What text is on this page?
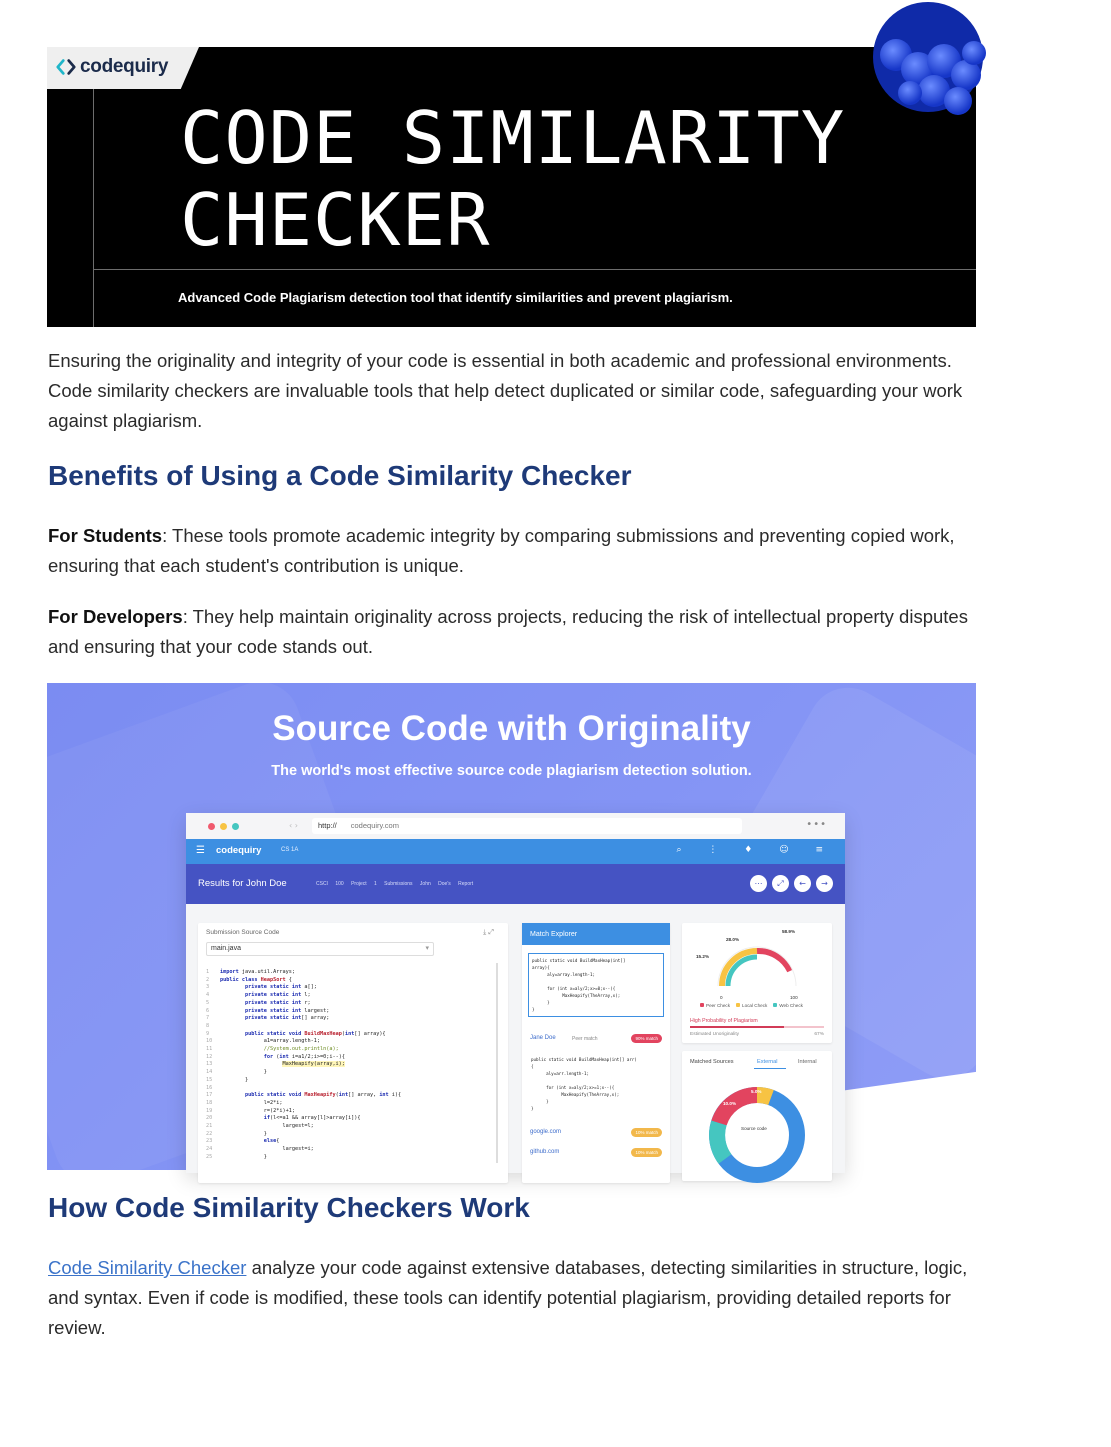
codequiry
CODE SIMILARITY
CHECKER
Advanced Code Plagiarism detection tool that identify similarities and prevent plagiarism.

Ensuring the originality and integrity of your code is essential in both academic and professional environments. Code similarity checkers are invaluable tools that help detect duplicated or similar code, safeguarding your work against plagiarism.

Benefits of Using a Code Similarity Checker

For Students: These tools promote academic integrity by comparing submissions and preventing copied work, ensuring that each student's contribution is unique.

For Developers: They help maintain originality across projects, reducing the risk of intellectual property disputes and ensuring that your code stands out.

Source Code with Originality
The world's most effective source code plagiarism detection solution.
‹ ›	http:// codequiry.com	•••
☰ codequiry	CS 1A	⌕ ⋮ ♦ ☺ ≡
Results for John Doe	CSCI 100 Project 1 Submissions John Doe's Report	⋯	⤢	←	→
Submission Source Code	⤓ ⤢
main.java	▾
1 import java.util.Arrays;
2 public class HeapSort {
3	private static int a[];
4	private static int l;
5	private static int r;
6	private static int largest;
7	private static int[] array;
8
9	public static void BuildMaxHeap(int[] array){
10	a1=array.length-1;
11	//System.out.println(a);
12	for (int i=a1/2;i>=0;i--){
13	MaxHeapify(array,i);
14	}
15	}
16
17	public static void MaxHeapify(int[] array, int i){
18	l=2*i;
19	r=(2*i)+1;
20	if(l<=a1 && array[l]>array[i]){
21	largest=l;
22	}
23	else{
24	largest=i;
25              }
Match Explorer
public static void BuildMaxHeap(int[]
array){
aly=array.length-1;

for (int x=aly/2;x>=0;x--){
MaxHeapify(TheArray,x);
}
}
Jane Doe	Peer match	90% match
public static void BuildMaxHeap(int[] arr)
{
aly=arr.length-1;

for (int x=aly/2;x>=1;x--){
MaxHeapify(TheArray,x);
}
}
google.com	10% match
github.com	10% match
58.9%
28.0%
15.2%
0	100
Peer Check	Local Check	Web Check
High Probability of Plagiarism
Estimated Unoriginality	67%
Matched Sources	External	Internal
Source code
10.0%
5.0%
55.0%
30.0%
How Code Similarity Checkers Work

Code Similarity Checker analyze your code against extensive databases, detecting similarities in structure, logic, and syntax. Even if code is modified, these tools can identify potential plagiarism, providing detailed reports for review.
